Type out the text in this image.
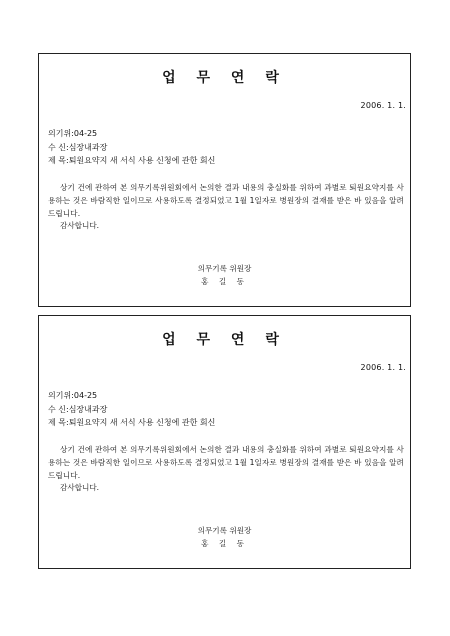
업 무 연 락
2006. 1. 1.
의기위:04-25
수 신:심장내과장
제 목:퇴원요약지 새 서식 사용 신청에 관한 회신
상기 건에 관하여 본 의무기록위원회에서 논의한 결과 내용의 충실화를 위하여 과별로 퇴원요약지를 사용하는 것은 바람직한 일이므로 사용하도록 결정되었고 1월 1일자로 병원장의 결재를 받은 바 있음을 알려드립니다.
감사합니다.
의무기록 위원장
홍 길 동
업 무 연 락
2006. 1. 1.
의기위:04-25
수 신:심장내과장
제 목:퇴원요약지 새 서식 사용 신청에 관한 회신
상기 건에 관하여 본 의무기록위원회에서 논의한 결과 내용의 충실화를 위하여 과별로 퇴원요약지를 사용하는 것은 바람직한 일이므로 사용하도록 결정되었고 1월 1일자로 병원장의 결재를 받은 바 있음을 알려드립니다.
감사합니다.
의무기록 위원장
홍 길 동
